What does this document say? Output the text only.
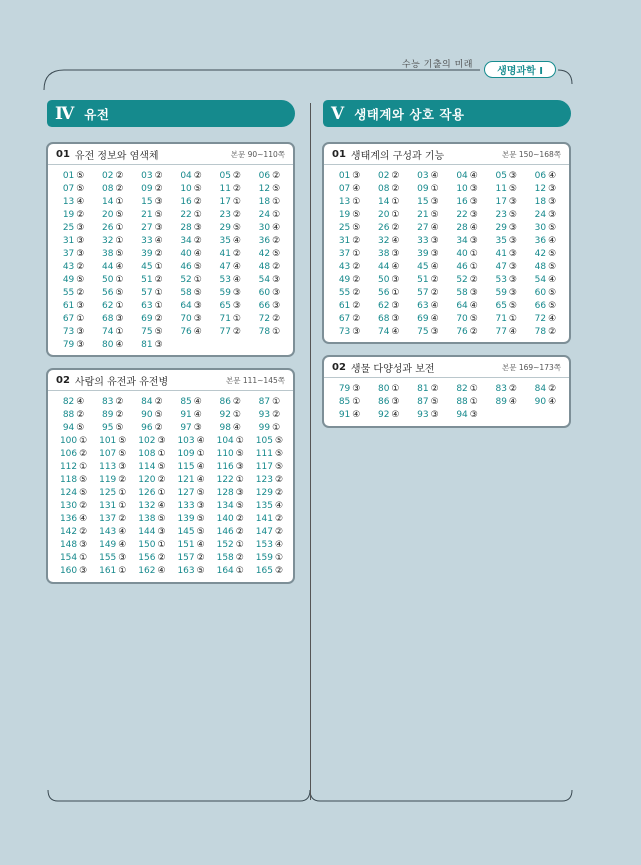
수능 기출의 미래
생명과학 Ⅰ
Ⅳ 유전	Ⅴ 생태계와 상호 작용
01 유전 정보와 염색체	본문 90~110쪽
01 ⑤	02 ②	03 ②	04 ②	05 ②	06 ②
07 ⑤	08 ②	09 ②	10 ⑤	11 ②	12 ⑤
13 ④	14 ①	15 ③	16 ②	17 ①	18 ①
19 ②	20 ⑤	21 ⑤	22 ①	23 ②	24 ①
25 ③	26 ①	27 ③	28 ③	29 ⑤	30 ④
31 ③	32 ①	33 ④	34 ②	35 ④	36 ②
37 ③	38 ⑤	39 ②	40 ④	41 ②	42 ⑤
43 ②	44 ④	45 ①	46 ⑤	47 ④	48 ②
49 ⑤	50 ①	51 ②	52 ①	53 ④	54 ③
55 ②	56 ⑤	57 ①	58 ⑤	59 ③	60 ③
61 ③	62 ①	63 ①	64 ③	65 ③	66 ③
67 ①	68 ③	69 ②	70 ③	71 ①	72 ②
73 ③	74 ①	75 ⑤	76 ④	77 ②	78 ①
79 ③	80 ④	81 ③
02 사람의 유전과 유전병	본문 111~145쪽
82 ④	83 ②	84 ②	85 ④	86 ②	87 ①
88 ②	89 ②	90 ⑤	91 ④	92 ①	93 ②
94 ⑤	95 ⑤	96 ②	97 ③	98 ④	99 ①
100 ①	101 ⑤	102 ③	103 ④	104 ①	105 ⑤
106 ②	107 ⑤	108 ①	109 ①	110 ⑤	111 ⑤
112 ①	113 ③	114 ⑤	115 ④	116 ③	117 ⑤
118 ⑤	119 ②	120 ②	121 ④	122 ①	123 ②
124 ⑤	125 ①	126 ①	127 ⑤	128 ③	129 ②
130 ②	131 ①	132 ④	133 ③	134 ⑤	135 ④
136 ④	137 ②	138 ⑤	139 ⑤	140 ②	141 ②
142 ②	143 ④	144 ③	145 ⑤	146 ②	147 ②
148 ③	149 ④	150 ①	151 ④	152 ①	153 ④
154 ①	155 ③	156 ②	157 ②	158 ②	159 ①
160 ③	161 ①	162 ④	163 ⑤	164 ①	165 ②
01 생태계의 구성과 기능	본문 150~168쪽
01 ③	02 ②	03 ④	04 ④	05 ③	06 ④
07 ④	08 ②	09 ①	10 ③	11 ⑤	12 ③
13 ①	14 ①	15 ③	16 ③	17 ③	18 ③
19 ⑤	20 ①	21 ⑤	22 ③	23 ⑤	24 ③
25 ⑤	26 ②	27 ④	28 ④	29 ③	30 ⑤
31 ②	32 ④	33 ③	34 ③	35 ③	36 ④
37 ①	38 ③	39 ③	40 ①	41 ③	42 ⑤
43 ②	44 ④	45 ④	46 ①	47 ③	48 ⑤
49 ②	50 ③	51 ②	52 ②	53 ③	54 ④
55 ②	56 ①	57 ②	58 ③	59 ③	60 ⑤
61 ②	62 ③	63 ④	64 ④	65 ⑤	66 ⑤
67 ②	68 ③	69 ④	70 ⑤	71 ①	72 ④
73 ③	74 ④	75 ③	76 ②	77 ④	78 ②
02 생물 다양성과 보전	본문 169~173쪽
79 ③	80 ①	81 ②	82 ①	83 ②	84 ②
85 ①	86 ③	87 ⑤	88 ①	89 ④	90 ④
91 ④	92 ④	93 ③	94 ③
